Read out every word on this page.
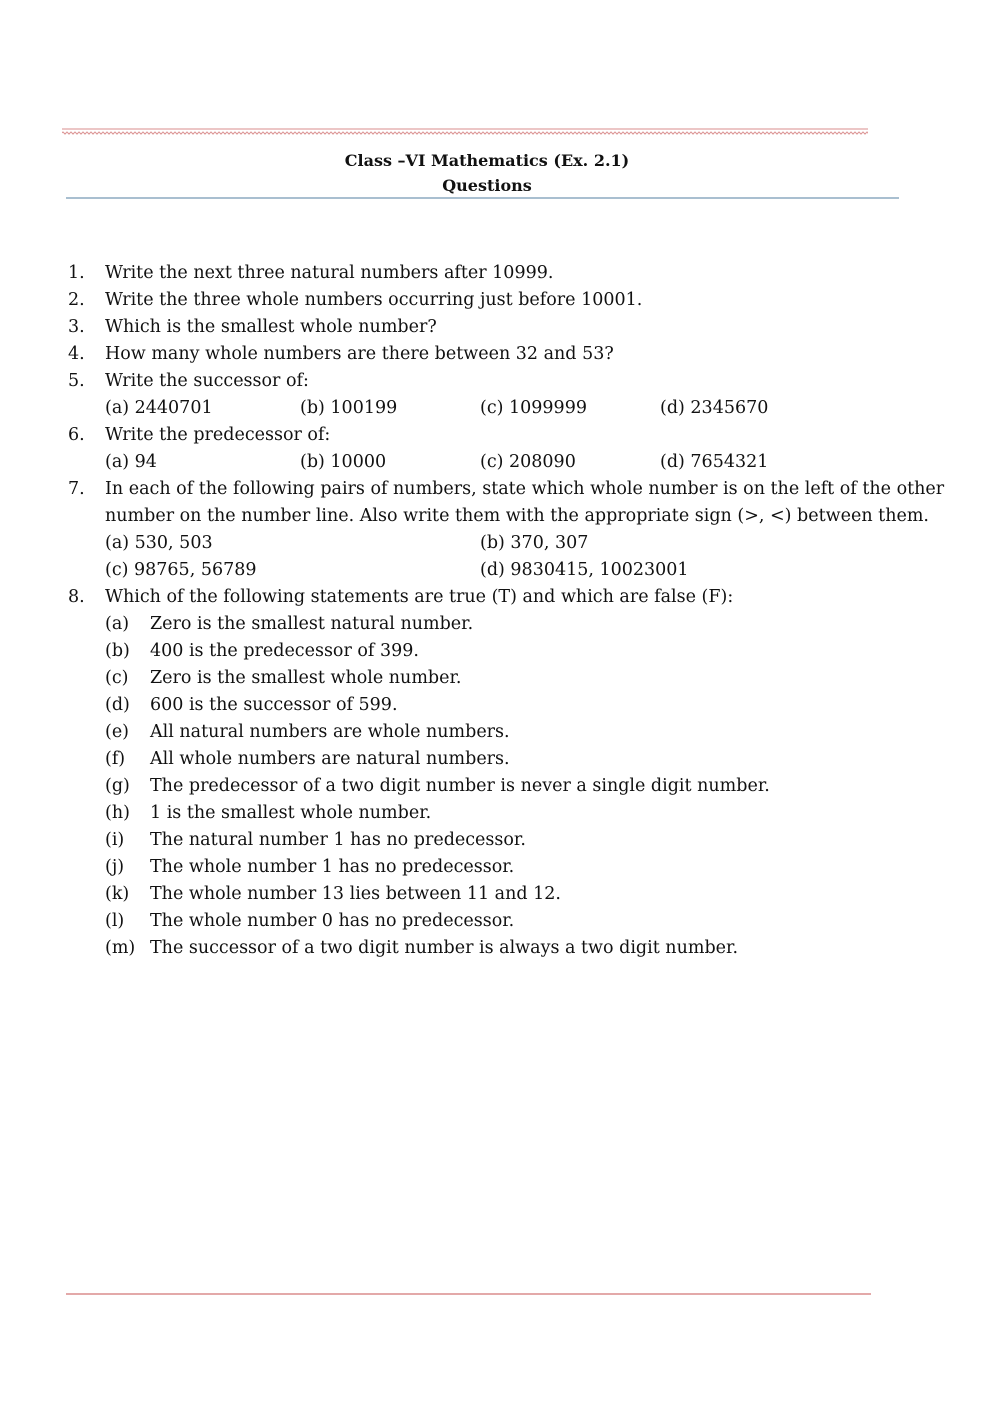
Class –VI Mathematics (Ex. 2.1)
Questions
1. Write the next three natural numbers after 10999.
2. Write the three whole numbers occurring just before 10001.
3. Which is the smallest whole number?
4. How many whole numbers are there between 32 and 53?
5. Write the successor of:
(a) 2440701	(b) 100199	(c) 1099999	(d) 2345670
6. Write the predecessor of:
(a) 94	(b) 10000	(c) 208090	(d) 7654321
7. In each of the following pairs of numbers, state which whole number is on the left of the other
number on the number line. Also write them with the appropriate sign (>, <) between them.
(a) 530, 503	(b) 370, 307
(c) 98765, 56789	(d) 9830415, 10023001
8. Which of the following statements are true (T) and which are false (F):
(a) Zero is the smallest natural number.
(b) 400 is the predecessor of 399.
(c) Zero is the smallest whole number.
(d) 600 is the successor of 599.
(e) All natural numbers are whole numbers.
(f) All whole numbers are natural numbers.
(g) The predecessor of a two digit number is never a single digit number.
(h) 1 is the smallest whole number.
(i) The natural number 1 has no predecessor.
(j) The whole number 1 has no predecessor.
(k) The whole number 13 lies between 11 and 12.
(l) The whole number 0 has no predecessor.
(m) The successor of a two digit number is always a two digit number.
